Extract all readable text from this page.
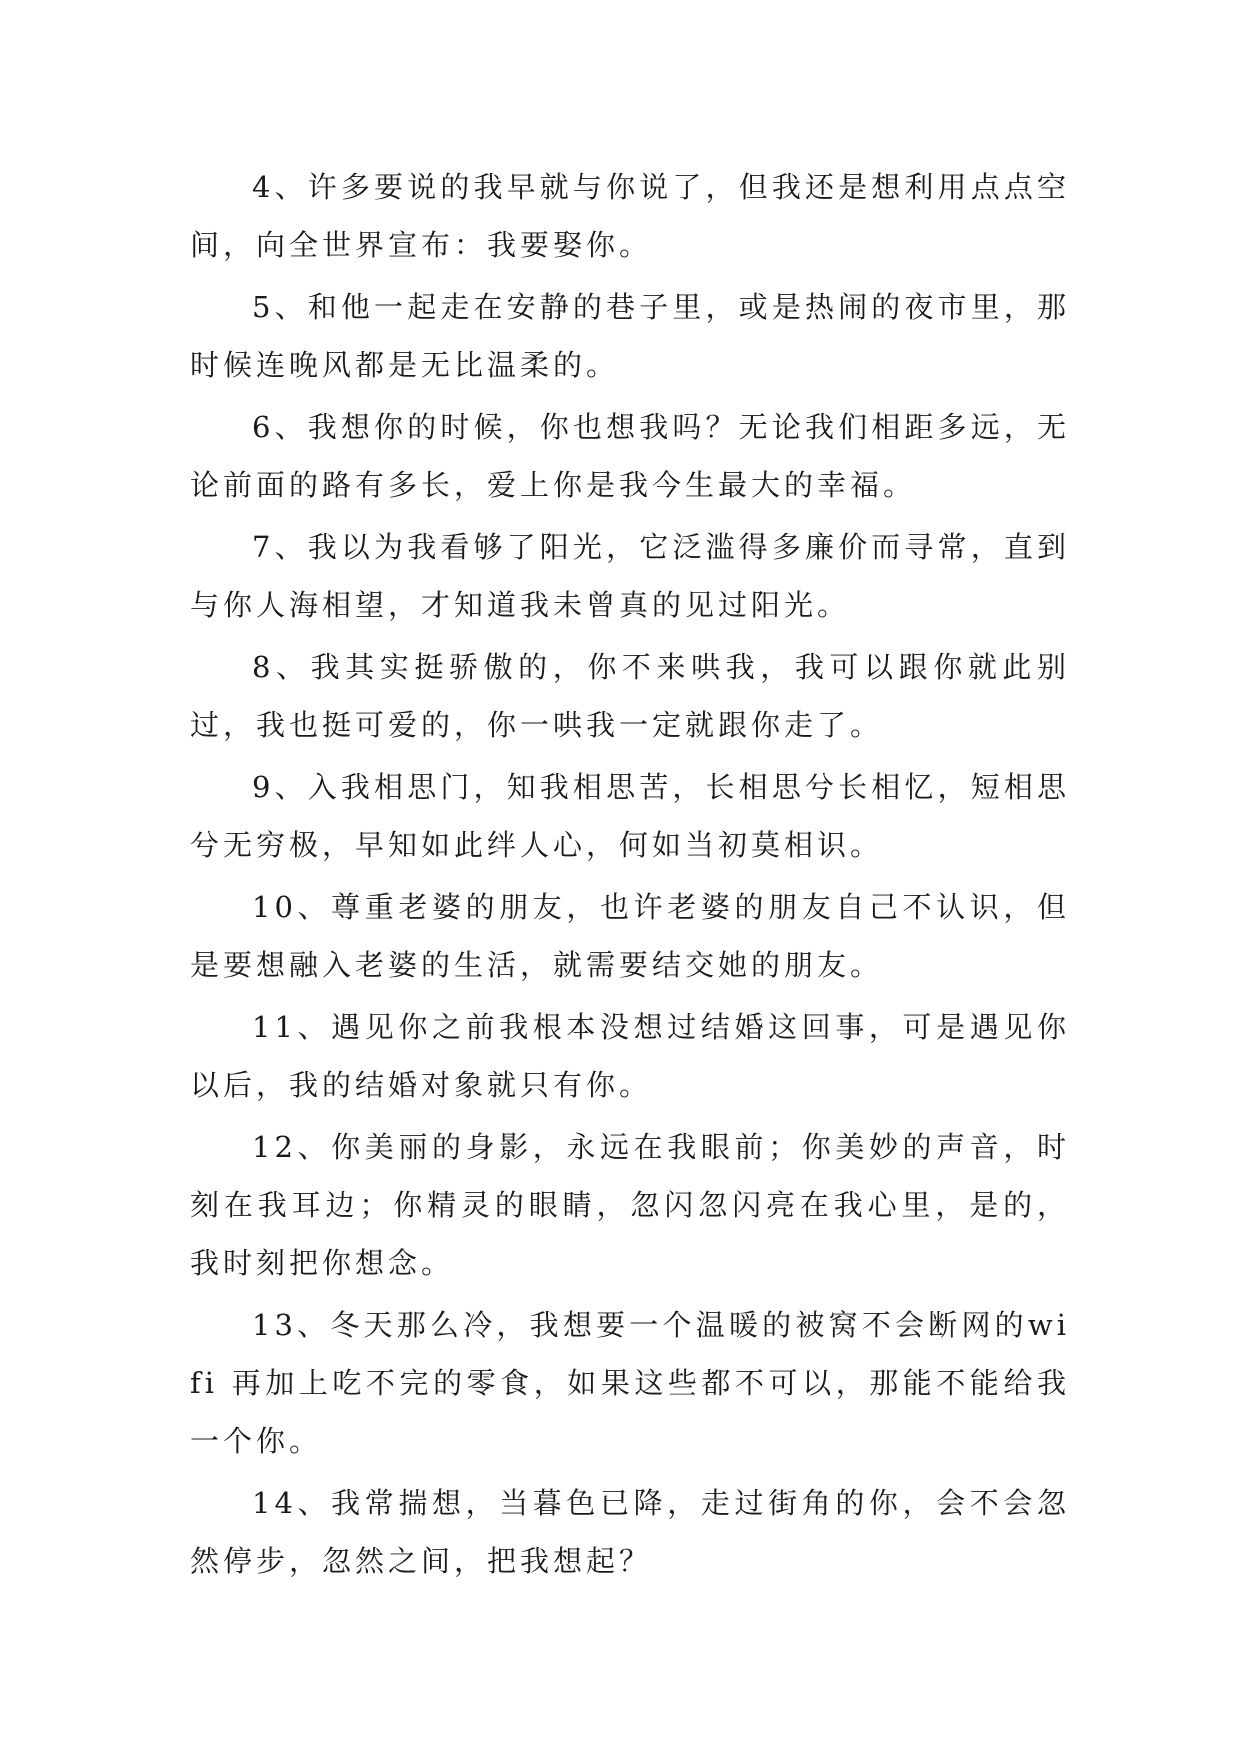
4、许多要说的我早就与你说了，但我还是想利用点点空间，向全世界宣布：我要娶你。

5、和他一起走在安静的巷子里，或是热闹的夜市里，那时候连晚风都是无比温柔的。

6、我想你的时候，你也想我吗？无论我们相距多远，无论前面的路有多长，爱上你是我今生最大的幸福。

7、我以为我看够了阳光，它泛滥得多廉价而寻常，直到与你人海相望，才知道我未曾真的见过阳光。

8、我其实挺骄傲的，你不来哄我，我可以跟你就此别过，我也挺可爱的，你一哄我一定就跟你走了。

9、入我相思门，知我相思苦，长相思兮长相忆，短相思兮无穷极，早知如此绊人心，何如当初莫相识。

10、尊重老婆的朋友，也许老婆的朋友自己不认识，但是要想融入老婆的生活，就需要结交她的朋友。

11、遇见你之前我根本没想过结婚这回事，可是遇见你以后，我的结婚对象就只有你。

12、你美丽的身影，永远在我眼前；你美妙的声音，时刻在我耳边；你精灵的眼睛，忽闪忽闪亮在我心里，是的，我时刻把你想念。

13、冬天那么冷，我想要一个温暖的被窝不会断网的wifi 再加上吃不完的零食，如果这些都不可以，那能不能给我一个你。

14、我常揣想，当暮色已降，走过街角的你，会不会忽然停步，忽然之间，把我想起？
